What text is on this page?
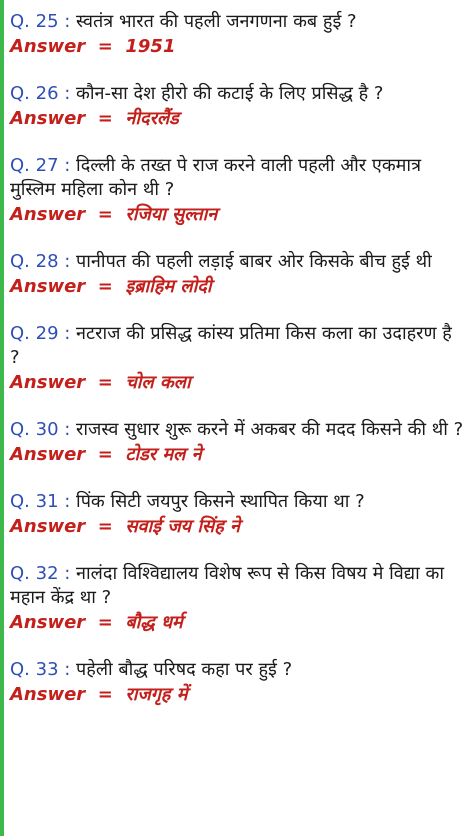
Q. 25 : स्वतंत्र भारत की पहली जनगणना कब हुई ?

Answer = 1951

Q. 26 : कौन-सा देश हीरो की कटाई के लिए प्रसिद्ध है ?

Answer = नीदरलैंड

Q. 27 : दिल्ली के तख्त पे राज करने वाली पहली और एकमात्र मुस्लिम महिला कोन थी ?

Answer = रजिया सुल्तान

Q. 28 : पानीपत की पहली लड़ाई बाबर ओर किसके बीच हुई थी

Answer = इब्राहिम लोदी

Q. 29 : नटराज की प्रसिद्ध कांस्य प्रतिमा किस कला का उदाहरण है ?

Answer = चोल कला

Q. 30 : राजस्व सुधार शुरू करने में अकबर की मदद किसने की थी ?

Answer = टोडर मल ने

Q. 31 : पिंक सिटी जयपुर किसने स्थापित किया था ?

Answer = सवाई जय सिंह ने

Q. 32 : नालंदा विश्विद्यालय विशेष रूप से किस विषय मे विद्या का महान केंद्र था ?

Answer = बौद्ध धर्म

Q. 33 : पहेली बौद्ध परिषद कहा पर हुई ?

Answer = राजगृह में
